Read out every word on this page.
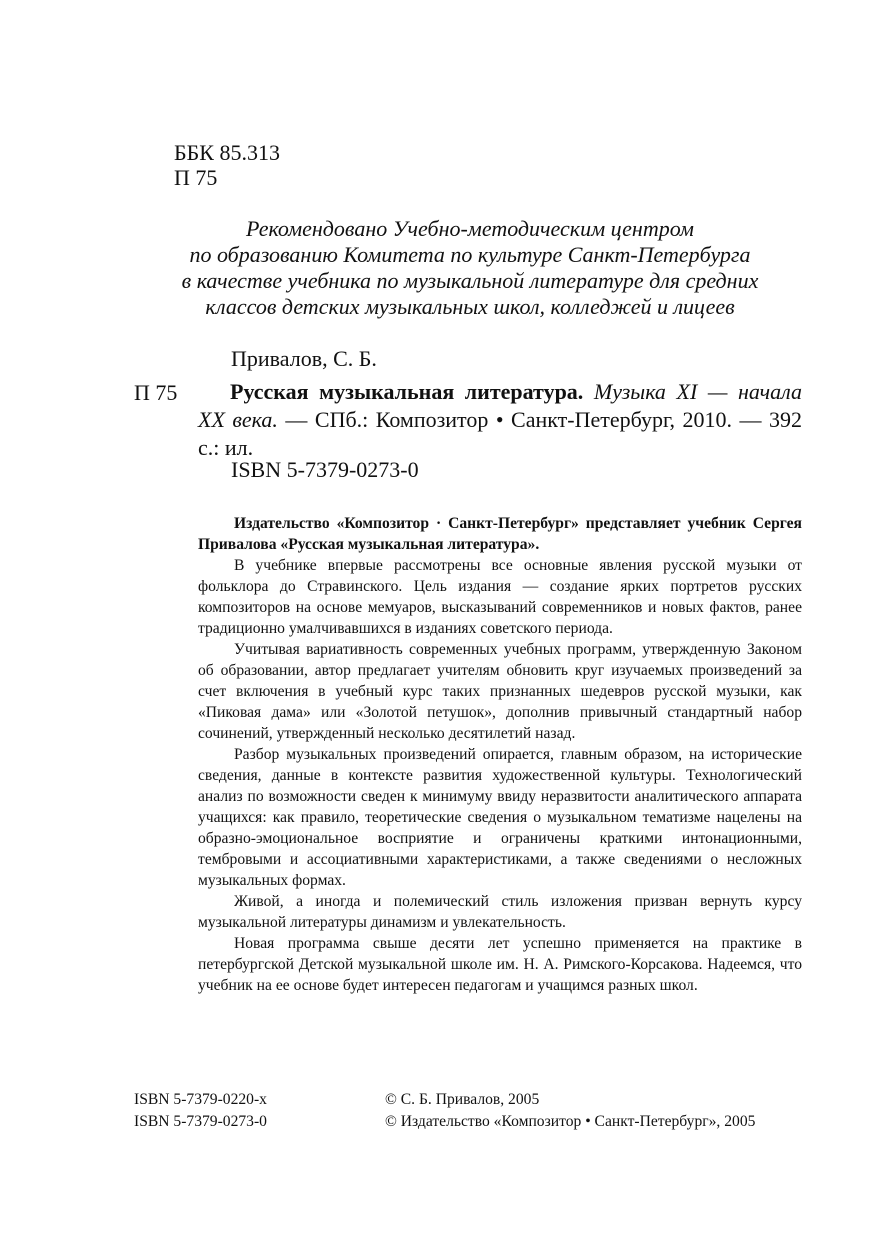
ББК 85.313
П 75
Рекомендовано Учебно-методическим центром
по образованию Комитета по культуре Санкт-Петербурга
в качестве учебника по музыкальной литературе для средних
классов детских музыкальных школ, колледжей и лицеев
Привалов, С. Б.
П 75	Русская музыкальная литература. Музыка XI — начала XX века. — СПб.: Композитор • Санкт-Петербург, 2010. — 392 с.: ил.
ISBN 5-7379-0273-0

Издательство «Композитор · Санкт-Петербург» представляет учебник Сергея Привалова «Русская музыкальная литература».

В учебнике впервые рассмотрены все основные явления русской музыки от фольклора до Стравинского. Цель издания — создание ярких портретов русских композиторов на основе мемуаров, высказываний современников и новых фактов, ранее традиционно умалчивавшихся в изданиях советского периода.

Учитывая вариативность современных учебных программ, утвержденную Законом об образовании, автор предлагает учителям обновить круг изучаемых произведений за счет включения в учебный курс таких признанных шедевров русской музыки, как «Пиковая дама» или «Золотой петушок», дополнив привычный стандартный набор сочинений, утвержденный несколько десятилетий назад.

Разбор музыкальных произведений опирается, главным образом, на исторические сведения, данные в контексте развития художественной культуры. Технологический анализ по возможности сведен к минимуму ввиду неразвитости аналитического аппарата учащихся: как правило, теоретические сведения о музыкальном тематизме нацелены на образно-эмоциональное восприятие и ограничены краткими интонационными, тембровыми и ассоциативными характеристиками, а также сведениями о несложных музыкальных формах.

Живой, а иногда и полемический стиль изложения призван вернуть курсу музыкальной литературы динамизм и увлекательность.

Новая программа свыше десяти лет успешно применяется на практике в петербургской Детской музыкальной школе им. Н. А. Римского-Корсакова. Надеемся, что учебник на ее основе будет интересен педагогам и учащимся разных школ.

ISBN 5-7379-0220-x
ISBN 5-7379-0273-0
© С. Б. Привалов, 2005
© Издательство «Композитор • Санкт-Петербург», 2005
